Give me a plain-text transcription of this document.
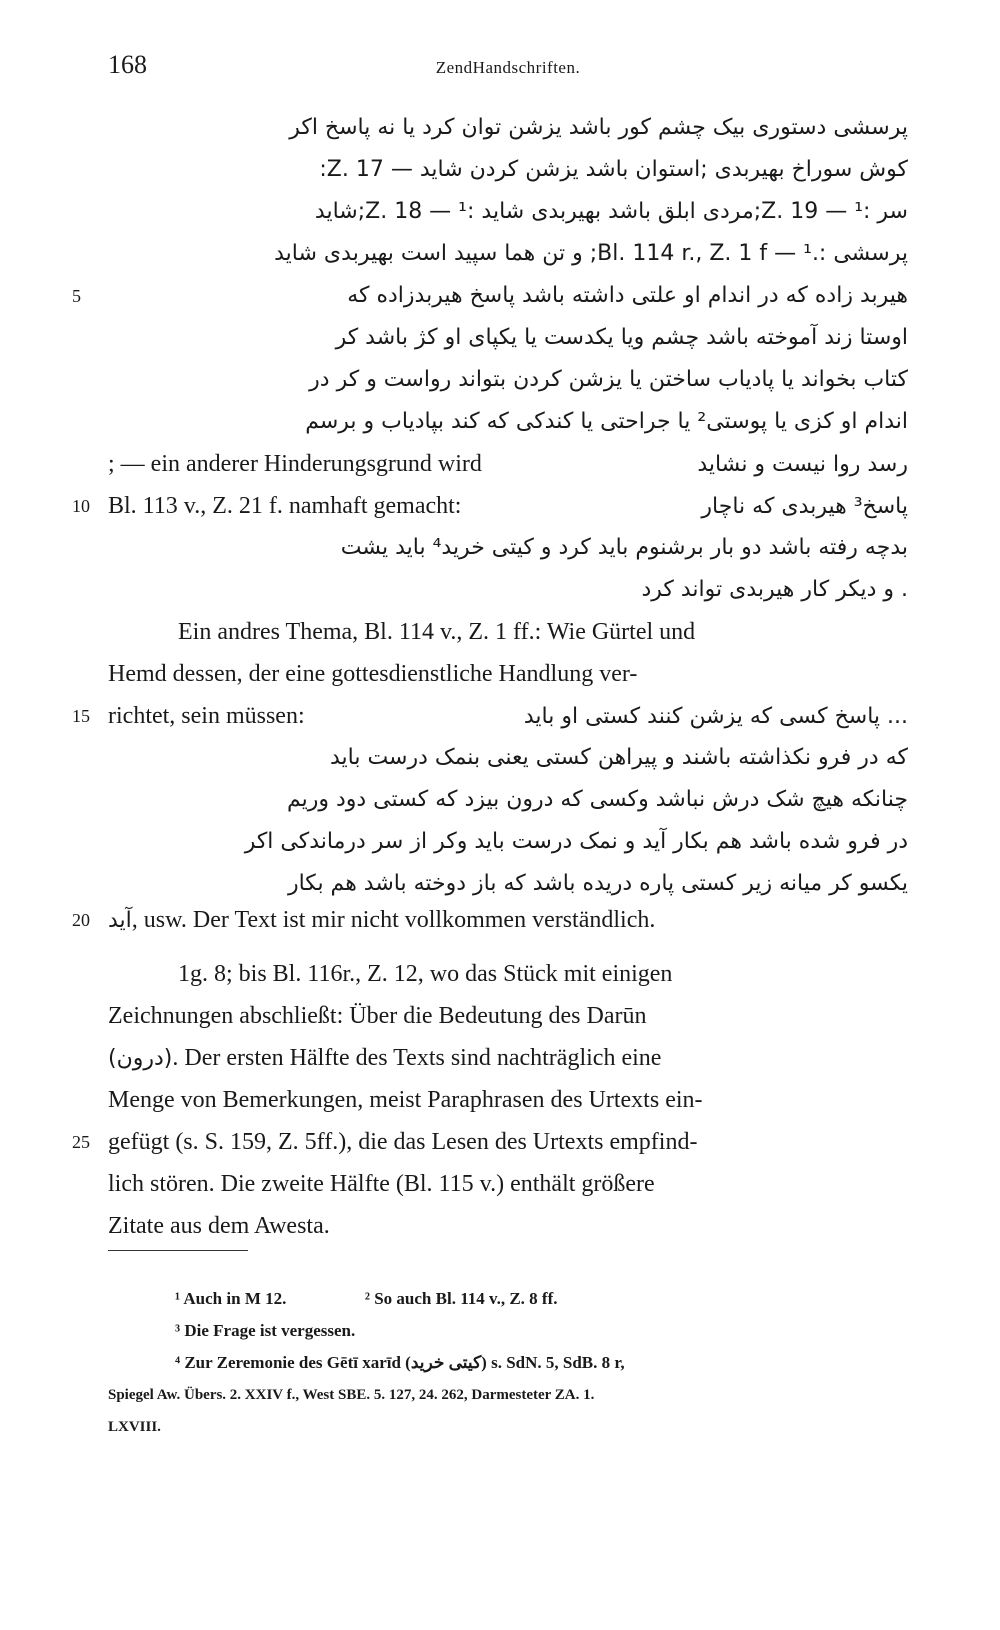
168	ZendHandschriften.
پرسشی دستوری بیک چشم کور باشد یزشن توان کرد یا نه پاسخ اکر
کوش سوراخ بهیربدی ;استوان باشد یزشن کردن شاید — Z. 17:
سر :Z. 19 — ¹;مردی ابلق باشد بهیربدی شاید :Z. 18 — ¹;شاید
پرسشی :.Bl. 114 r., Z. 1 f — ¹; و تن هما سپید است بهیربدی شاید
5	هیربد زاده که در اندام او علتی داشته باشد پاسخ هیربدزاده که
اوستا زند آموخته باشد چشم ویا یکدست یا یکپای او کژ باشد کر
کتاب بخواند یا پادیاب ساختن یا یزشن کردن بتواند رواست و کر در
اندام او کزی یا پوستی² یا جراحتی یا کندکی که کند بپادیاب و برسم
; — ein anderer Hinderungsgrund wird	رسد روا نیست و نشاید
10 Bl. 113 v., Z. 21 f. namhaft gemacht:	پاسخ³ هیربدی که ناچار
بدچه رفته باشد دو بار برشنوم باید کرد و کیتی خرید⁴ باید یشت
. و دیکر کار هیربدی تواند کرد
Ein andres Thema, Bl. 114 v., Z. 1 ff.: Wie Gürtel und
Hemd dessen, der eine gottesdienstliche Handlung ver-
15 richtet, sein müssen:	... پاسخ کسی که یزشن کنند کستی او باید
که در فرو نکذاشته باشند و پیراهن کستی یعنی بنمک درست باید
چنانکه هیچ شک درش نباشد وکسی که درون بیزد که کستی دود وریم
در فرو شده باشد هم بکار آید و نمک درست باید وکر از سر درماندکی اکر
یکسو کر میانه زیر کستی پاره دریده باشد که باز دوخته باشد هم بکار
20 آید, usw. Der Text ist mir nicht vollkommen verständlich.
1g. 8; bis Bl. 116r., Z. 12, wo das Stück mit einigen
Zeichnungen abschließt: Über die Bedeutung des Darūn
(درون). Der ersten Hälfte des Texts sind nachträglich eine
Menge von Bemerkungen, meist Paraphrasen des Urtexts ein-
25 gefügt (s. S. 159, Z. 5ff.), die das Lesen des Urtexts empfind-
lich stören. Die zweite Hälfte (Bl. 115 v.) enthält größere
Zitate aus dem Awesta.
¹ Auch in M 12.	² So auch Bl. 114 v., Z. 8 ff.
³ Die Frage ist vergessen.
⁴ Zur Zeremonie des Gētī xarīd (کیتی خرید) s. SdN. 5, SdB. 8 r,
Spiegel Aw. Übers. 2. XXIV f., West SBE. 5. 127, 24. 262, Darmesteter ZA. 1.
LXVIII.
